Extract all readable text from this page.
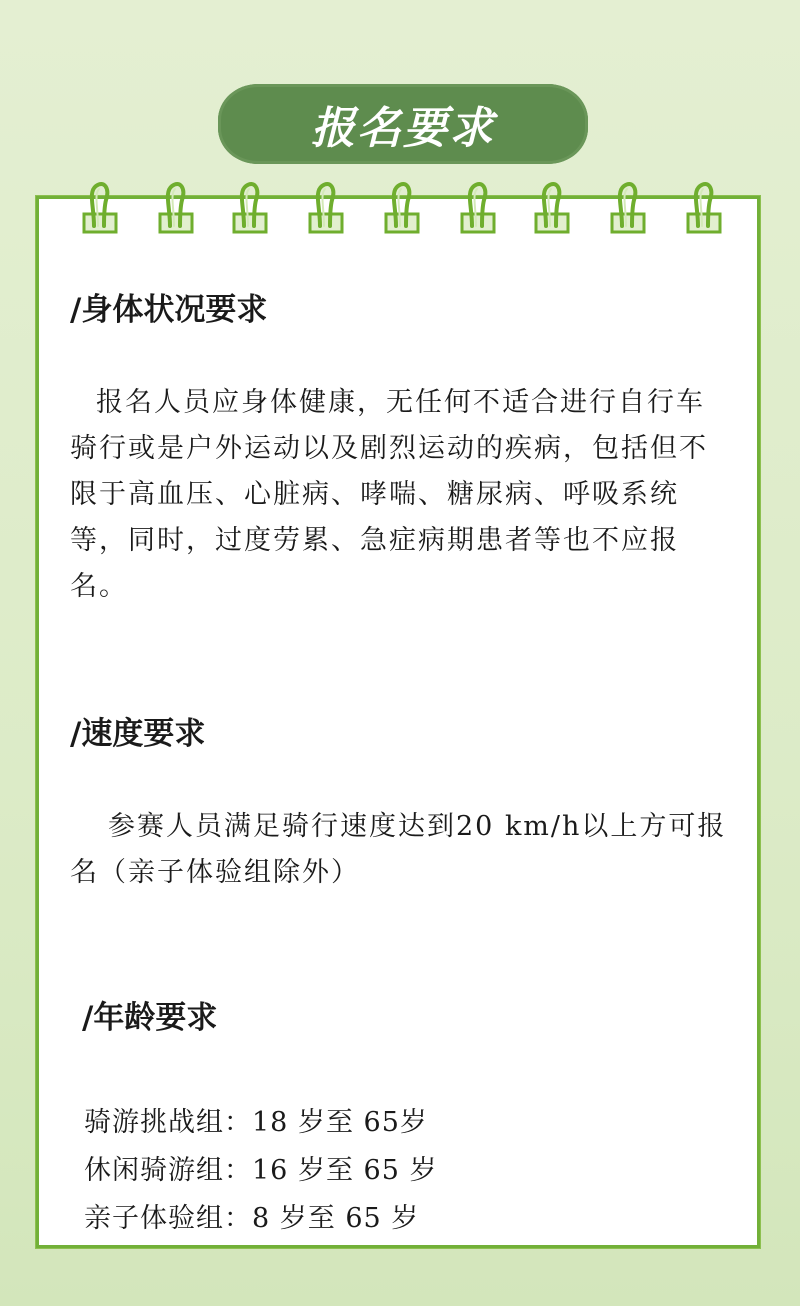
报名要求
/身体状况要求
报名人员应身体健康，无任何不适合进行自行车骑行或是户外运动以及剧烈运动的疾病，包括但不限于高血压、心脏病、哮喘、糖尿病、呼吸系统等，同时，过度劳累、急症病期患者等也不应报名。
/速度要求
参赛人员满足骑行速度达到20 km/h以上方可报名（亲子体验组除外）
/年龄要求
骑游挑战组：18 岁至 65岁
休闲骑游组：16 岁至 65 岁
亲子体验组：8 岁至 65 岁
